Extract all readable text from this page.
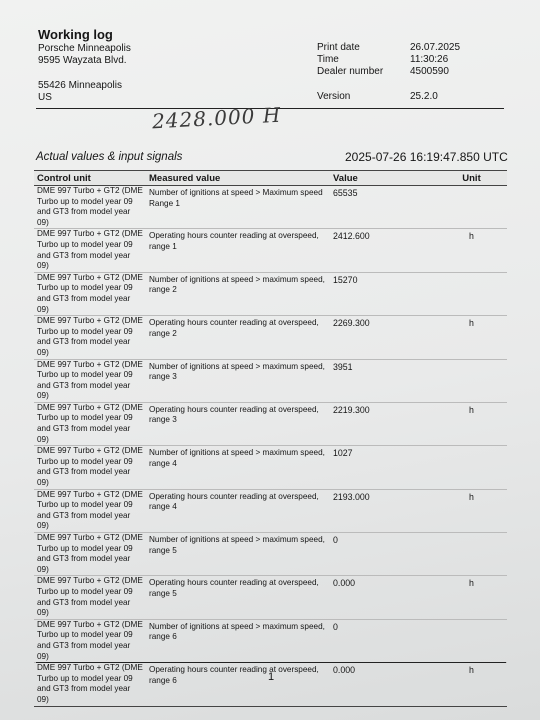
Working log
Porsche Minneapolis
9595 Wayzata Blvd.
55426 Minneapolis
US
Print date	26.07.2025
Time	11:30:26
Dealer number	4500590
Version	25.2.0
2428.000 H
Actual values & input signals	2025-07-26 16:19:47.850 UTC
Control unit	Measured value	Value	Unit
DME 997 Turbo + GT2 (DME Turbo up to model year 09 and GT3 from model year 09)	Number of ignitions at speed > Maximum speed Range 1	65535	
DME 997 Turbo + GT2 (DME Turbo up to model year 09 and GT3 from model year 09)	Operating hours counter reading at overspeed, range 1	2412.600	h
DME 997 Turbo + GT2 (DME Turbo up to model year 09 and GT3 from model year 09)	Number of ignitions at speed > maximum speed, range 2	15270	
DME 997 Turbo + GT2 (DME Turbo up to model year 09 and GT3 from model year 09)	Operating hours counter reading at overspeed, range 2	2269.300	h
DME 997 Turbo + GT2 (DME Turbo up to model year 09 and GT3 from model year 09)	Number of ignitions at speed > maximum speed, range 3	3951	
DME 997 Turbo + GT2 (DME Turbo up to model year 09 and GT3 from model year 09)	Operating hours counter reading at overspeed, range 3	2219.300	h
DME 997 Turbo + GT2 (DME Turbo up to model year 09 and GT3 from model year 09)	Number of ignitions at speed > maximum speed, range 4	1027	
DME 997 Turbo + GT2 (DME Turbo up to model year 09 and GT3 from model year 09)	Operating hours counter reading at overspeed, range 4	2193.000	h
DME 997 Turbo + GT2 (DME Turbo up to model year 09 and GT3 from model year 09)	Number of ignitions at speed > maximum speed, range 5	0	
DME 997 Turbo + GT2 (DME Turbo up to model year 09 and GT3 from model year 09)	Operating hours counter reading at overspeed, range 5	0.000	h
DME 997 Turbo + GT2 (DME Turbo up to model year 09 and GT3 from model year 09)	Number of ignitions at speed > maximum speed, range 6	0	
DME 997 Turbo + GT2 (DME Turbo up to model year 09 and GT3 from model year 09)	Operating hours counter reading at overspeed, range 6	0.000	h
1
